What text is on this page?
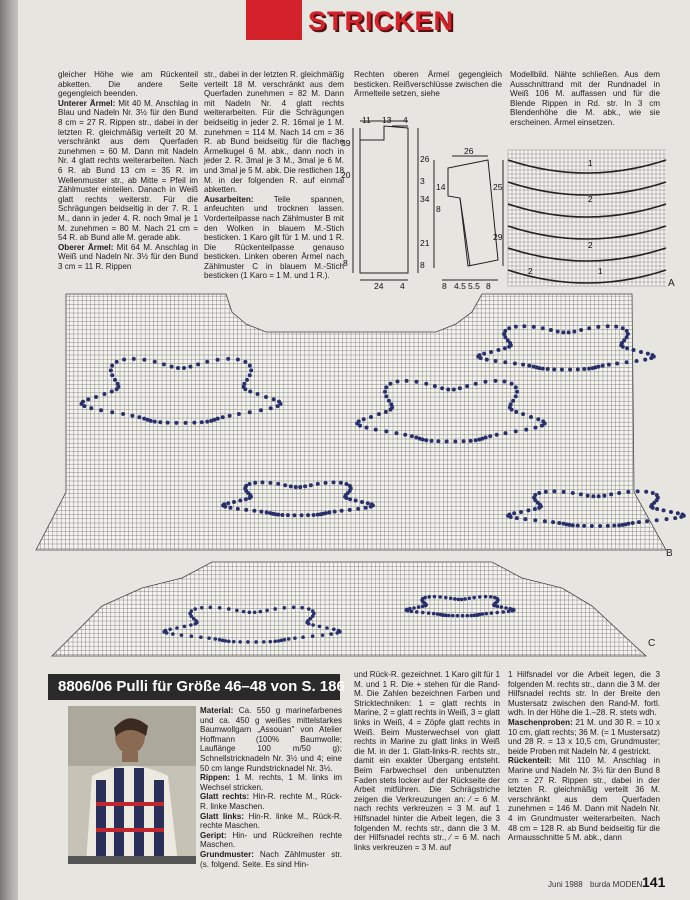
STRICKEN

gleicher Höhe wie am Rückenteil abketten. Die andere Seite gegengleich beenden.

Unterer Ärmel: Mit 40 M. Anschlag in Blau und Nadeln Nr. 3½ für den Bund 8 cm = 27 R. Rippen str., dabei in der letzten R. gleichmäßig verteilt 20 M. verschränkt aus dem Querfaden zunehmen = 60 M. Dann mit Nadeln Nr. 4 glatt rechts weiterarbeiten. Nach 6 R. ab Bund 13 cm = 35 R. im Wellenmuster str., ab Mitte = Pfeil im Zählmuster einteilen. Danach in Weiß glatt rechts weiterstr. Für die Schrägungen beidseitig in der 7. R. 1 M., dann in jeder 4. R. noch 9mal je 1 M. zunehmen = 80 M. Nach 21 cm = 54 R. ab Bund alle M. gerade abk.

Oberer Ärmel: Mit 64 M. Anschlag in Weiß und Nadeln Nr. 3½ für den Bund 3 cm = 11 R. Rippen

str., dabei in der letzten R. gleichmäßig verteilt 18 M. verschränkt aus dem Querfaden zunehmen = 82 M. Dann mit Nadeln Nr. 4 glatt rechts weiterarbeiten. Für die Schrägungen beidseitig in jeder 2. R. 16mal je 1 M. zunehmen = 114 M. Nach 14 cm = 36 R. ab Bund beidseitig für die flache Ärmelkugel 6 M. abk., dann noch in jeder 2. R. 3mal je 3 M., 3mal je 6 M. und 3mal je 5 M. abk. Die restlichen 18 M. in der folgenden R. auf einmal abketten.

Ausarbeiten: Teile spannen, anfeuchten und trocknen lassen. Vorderteilpasse nach Zählmuster B mit den Wolken in blauem M.-Stich besticken. 1 Karo gilt für 1 M. und 1 R. Die Rückenteilpasse genauso besticken. Linken oberen Ärmel nach Zählmuster C in blauem M.-Stich besticken (1 Karo = 1 M. und 1 R.).

Rechten oberen Ärmel gegengleich besticken. Reißverschlüsse zwischen die Ärmelteile setzen, siehe

Modellbild. Nähte schließen. Aus dem Ausschnittrand mit der Rundnadel in Weiß 106 M. auffassen und für die Blende Rippen in Rd. str. In 3 cm Blendenhöhe die M. abk., wie sie erscheinen. Ärmel einsetzen.

11 13 4
39
20
26
8
34
3
14
8
21
8
24 4
26
25
29
8 4.5 5.5 8
1
2
2
2	1
A
B
C
8806/06 Pulli für Größe 46–48 von S. 186

Material: Ca. 550 g marinefarbenes und ca. 450 g weißes mittelstarkes Baumwollgarn „Assouan" von Atelier Hoffmann (100% Baumwolle; Lauflänge 100 m/50 g); Schnellstricknadeln Nr. 3½ und 4; eine 50 cm lange Rundstricknadel Nr. 3½.

Rippen: 1 M. rechts, 1 M. links im Wechsel stricken.

Glatt rechts: Hin-R. rechte M., Rück-R. linke Maschen.

Glatt links: Hin-R. linke M., Rück-R. rechte Maschen.

Geript: Hin- und Rückreihen rechte Maschen.

Grundmuster: Nach Zählmuster str. (s. folgend. Seite. Es sind Hin-

und Rück-R. gezeichnet. 1 Karo gilt für 1 M. und 1 R. Die + stehen für die Rand-M. Die Zahlen bezeichnen Farben und Stricktechniken: 1 = glatt rechts in Marine, 2 = glatt rechts in Weiß, 3 = glatt links in Weiß, 4 = Zöpfe glatt rechts in Weiß. Beim Musterwechsel von glatt rechts in Marine zu glatt links in Weiß die M. in der 1. Glatt-links-R. rechts str., damit ein exakter Übergang entsteht. Beim Farbwechsel den unbenutzten Faden stets locker auf der Rückseite der Arbeit mitführen. Die Schrägstriche zeigen die Verkreuzungen an: ⁄ = 6 M. nach rechts verkreuzen = 3 M. auf 1 Hilfsnadel hinter die Arbeit legen, die 3 folgenden M. rechts str., dann die 3 M. der Hilfsnadel rechts str., ⁄ = 6 M. nach links verkreuzen = 3 M. auf

1 Hilfsnadel vor die Arbeit legen, die 3 folgenden M. rechts str., dann die 3 M. der Hilfsnadel rechts str. In der Breite den Mustersatz zwischen den Rand-M. fortl. wdh. In der Höhe die 1.–28. R. stets wdh.

Maschenproben: 21 M. und 30 R. = 10 x 10 cm, glatt rechts; 36 M. (= 1 Mustersatz) und 28 R. = 13 x 10,5 cm, Grundmuster; beide Proben mit Nadeln Nr. 4 gestrickt.

Rückenteil: Mit 110 M. Anschlag in Marine und Nadeln Nr. 3½ für den Bund 8 cm = 27 R. Rippen str., dabei in der letzten R. gleichmäßig verteilt 36 M. verschränkt aus dem Querfaden zunehmen = 146 M. Dann mit Nadeln Nr. 4 im Grundmuster weiterarbeiten. Nach 48 cm = 128 R. ab Bund beidseitig für die Armausschnitte 5 M. abk., dann

Juni 1988 burda MODEN 141
